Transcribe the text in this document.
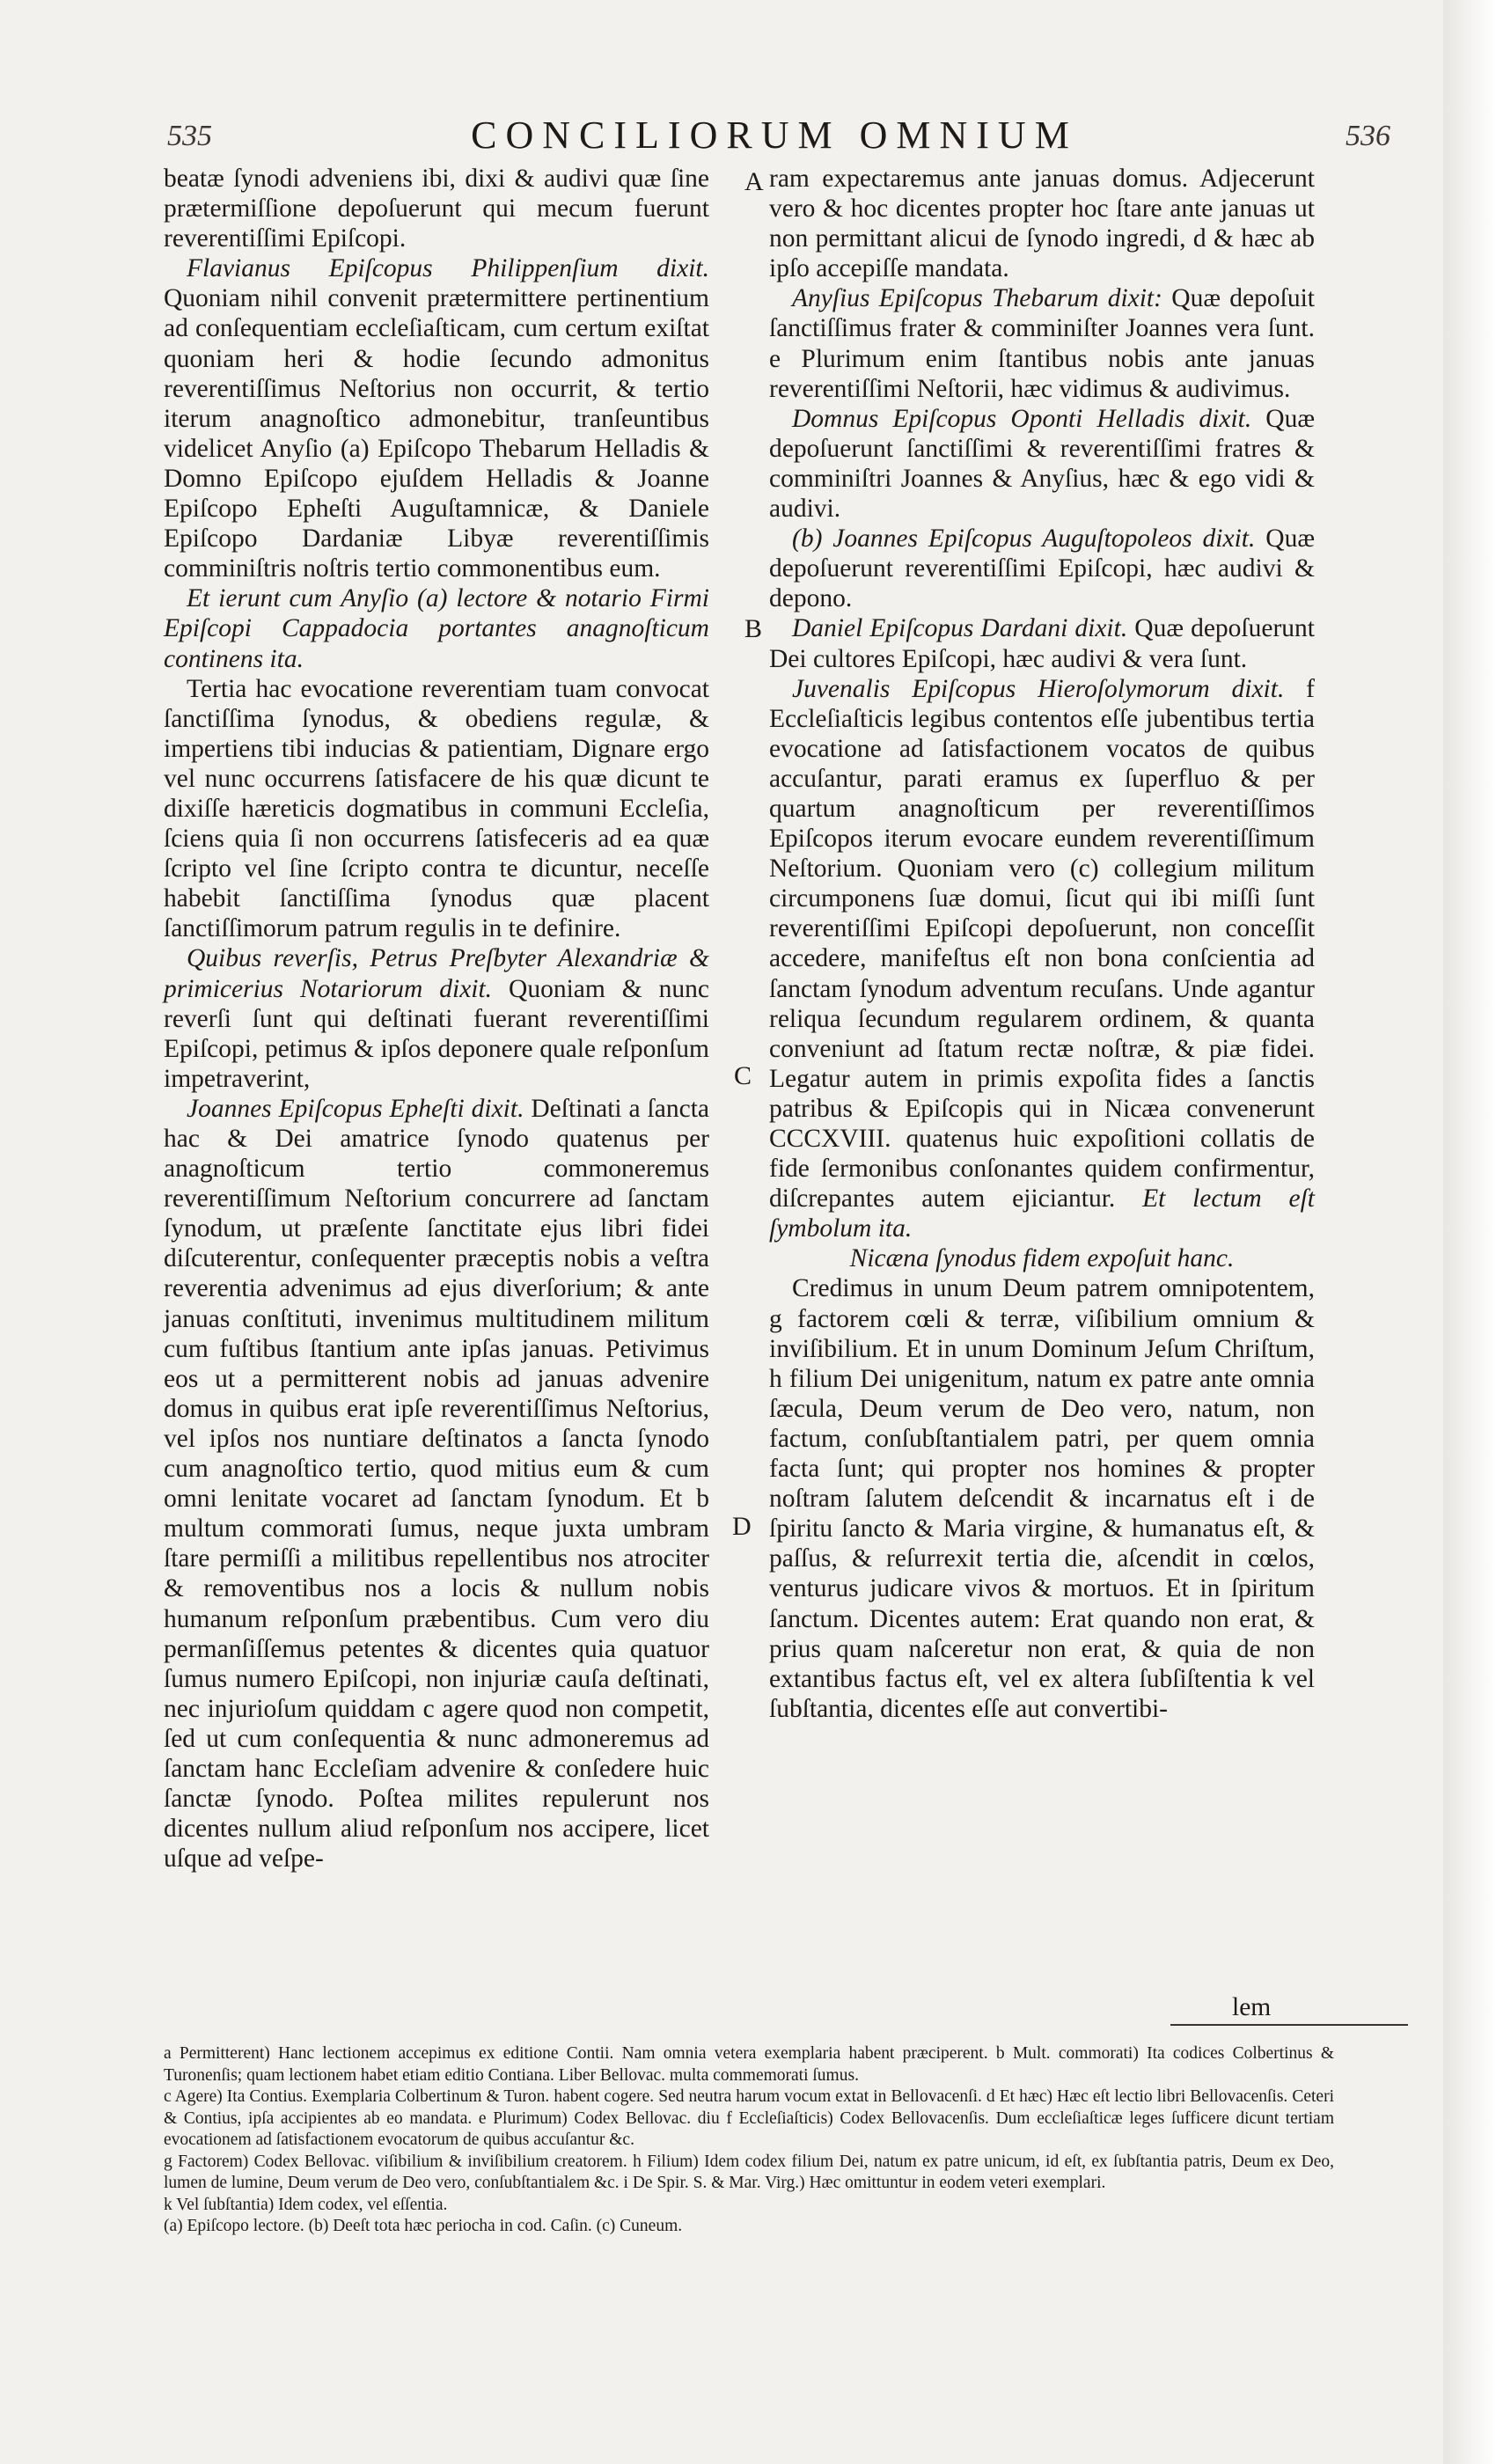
535	CONCILIORUM OMNIUM	536

beatæ ſynodi adveniens ibi, dixi & audivi quæ ſine prætermiſſione depoſuerunt qui mecum fuerunt reverentiſſimi Epiſcopi.

Flavianus Epiſcopus Philippenſium dixit. Quoniam nihil convenit prætermittere pertinentium ad conſequentiam eccleſiaſticam, cum certum exiſtat quoniam heri & hodie ſecundo admonitus reverentiſſimus Neſtorius non occurrit, & tertio iterum anagnoſtico admonebitur, tranſeuntibus videlicet Anyſio (a) Epiſcopo Thebarum Helladis & Domno Epiſcopo ejuſdem Helladis & Joanne Epiſcopo Epheſti Auguſtamnicæ, & Daniele Epiſcopo Dardaniæ Libyæ reverentiſſimis comminiſtris noſtris tertio commonentibus eum.

Et ierunt cum Anyſio (a) lectore & notario Firmi Epiſcopi Cappadocia portantes anagnoſticum continens ita.

Tertia hac evocatione reverentiam tuam convocat ſanctiſſima ſynodus, & obediens regulæ, & impertiens tibi inducias & patientiam, Dignare ergo vel nunc occurrens ſatisfacere de his quæ dicunt te dixiſſe hæreticis dogmatibus in communi Eccleſia, ſciens quia ſi non occurrens ſatisfeceris ad ea quæ ſcripto vel ſine ſcripto contra te dicuntur, neceſſe habebit ſanctiſſima ſynodus quæ placent ſanctiſſimorum patrum regulis in te definire.

Quibus reverſis, Petrus Preſbyter Alexandriæ & primicerius Notariorum dixit. Quoniam & nunc reverſi ſunt qui deſtinati fuerant reverentiſſimi Epiſcopi, petimus & ipſos deponere quale reſponſum impetraverint,

Joannes Epiſcopus Epheſti dixit. Deſtinati a ſancta hac & Dei amatrice ſynodo quatenus per anagnoſticum tertio commoneremus reverentiſſimum Neſtorium concurrere ad ſanctam ſynodum, ut præſente ſanctitate ejus libri fidei diſcuterentur, conſequenter præceptis nobis a veſtra reverentia advenimus ad ejus diverſorium; & ante januas conſtituti, invenimus multitudinem militum cum fuſtibus ſtantium ante ipſas januas. Petivimus eos ut a permitterent nobis ad januas advenire domus in quibus erat ipſe reverentiſſimus Neſtorius, vel ipſos nos nuntiare deſtinatos a ſancta ſynodo cum anagnoſtico tertio, quod mitius eum & cum omni lenitate vocaret ad ſanctam ſynodum. Et b multum commorati ſumus, neque juxta umbram ſtare permiſſi a militibus repellentibus nos atrociter & removentibus nos a locis & nullum nobis humanum reſponſum præbentibus. Cum vero diu permanſiſſemus petentes & dicentes quia quatuor ſumus numero Epiſcopi, non injuriæ cauſa deſtinati, nec injurioſum quiddam c agere quod non competit, ſed ut cum conſequentia & nunc admoneremus ad ſanctam hanc Eccleſiam advenire & conſedere huic ſanctæ ſynodo. Poſtea milites repulerunt nos dicentes nullum aliud reſponſum nos accipere, licet uſque ad veſpe-

ram expectaremus ante januas domus. Adjecerunt vero & hoc dicentes propter hoc ſtare ante januas ut non permittant alicui de ſynodo ingredi, d & hæc ab ipſo accepiſſe mandata.

Anyſius Epiſcopus Thebarum dixit: Quæ depoſuit ſanctiſſimus frater & comminiſter Joannes vera ſunt. e Plurimum enim ſtantibus nobis ante januas reverentiſſimi Neſtorii, hæc vidimus & audivimus.

Domnus Epiſcopus Oponti Helladis dixit. Quæ depoſuerunt ſanctiſſimi & reverentiſſimi fratres & comminiſtri Joannes & Anyſius, hæc & ego vidi & audivi.

(b) Joannes Epiſcopus Auguſtopoleos dixit. Quæ depoſuerunt reverentiſſimi Epiſcopi, hæc audivi & depono.

Daniel Epiſcopus Dardani dixit. Quæ depoſuerunt Dei cultores Epiſcopi, hæc audivi & vera ſunt.

Juvenalis Epiſcopus Hieroſolymorum dixit. f Eccleſiaſticis legibus contentos eſſe jubentibus tertia evocatione ad ſatisfactionem vocatos de quibus accuſantur, parati eramus ex ſuperfluo & per quartum anagnoſticum per reverentiſſimos Epiſcopos iterum evocare eundem reverentiſſimum Neſtorium. Quoniam vero (c) collegium militum circumponens ſuæ domui, ſicut qui ibi miſſi ſunt reverentiſſimi Epiſcopi depoſuerunt, non conceſſit accedere, manifeſtus eſt non bona conſcientia ad ſanctam ſynodum adventum recuſans. Unde agantur reliqua ſecundum regularem ordinem, & quanta conveniunt ad ſtatum rectæ noſtræ, & piæ fidei. Legatur autem in primis expoſita fides a ſanctis patribus & Epiſcopis qui in Nicæa convenerunt CCCXVIII. quatenus huic expoſitioni collatis de fide ſermonibus conſonantes quidem confirmentur, diſcrepantes autem ejiciantur. Et lectum eſt ſymbolum ita.

Nicæna ſynodus fidem expoſuit hanc.

Credimus in unum Deum patrem omnipotentem, g factorem cœli & terræ, viſibilium omnium & inviſibilium. Et in unum Dominum Jeſum Chriſtum, h filium Dei unigenitum, natum ex patre ante omnia ſæcula, Deum verum de Deo vero, natum, non factum, conſubſtantialem patri, per quem omnia facta ſunt; qui propter nos homines & propter noſtram ſalutem deſcendit & incarnatus eſt i de ſpiritu ſancto & Maria virgine, & humanatus eſt, & paſſus, & reſurrexit tertia die, aſcendit in cœlos, venturus judicare vivos & mortuos. Et in ſpiritum ſanctum. Dicentes autem: Erat quando non erat, & prius quam naſceretur non erat, & quia de non extantibus factus eſt, vel ex altera ſubſiſtentia k vel ſubſtantia, dicentes eſſe aut convertibi-

A
B
C
D
lem

a Permitterent) Hanc lectionem accepimus ex editione Contii. Nam omnia vetera exemplaria habent præciperent. b Mult. commorati) Ita codices Colbertinus & Turonenſis; quam lectionem habet etiam editio Contiana. Liber Bellovac. multa commemorati ſumus.

c Agere) Ita Contius. Exemplaria Colbertinum & Turon. habent cogere. Sed neutra harum vocum extat in Bellovacenſi. d Et hæc) Hæc eſt lectio libri Bellovacenſis. Ceteri & Contius, ipſa accipientes ab eo mandata. e Plurimum) Codex Bellovac. diu f Eccleſiaſticis) Codex Bellovacenſis. Dum eccleſiaſticæ leges ſufficere dicunt tertiam evocationem ad ſatisfactionem evocatorum de quibus accuſantur &c.

g Factorem) Codex Bellovac. viſibilium & inviſibilium creatorem. h Filium) Idem codex filium Dei, natum ex patre unicum, id eſt, ex ſubſtantia patris, Deum ex Deo, lumen de lumine, Deum verum de Deo vero, conſubſtantialem &c. i De Spir. S. & Mar. Virg.) Hæc omittuntur in eodem veteri exemplari.

k Vel ſubſtantia) Idem codex, vel eſſentia.

(a) Epiſcopo lectore. (b) Deeſt tota hæc periocha in cod. Caſin. (c) Cuneum.
